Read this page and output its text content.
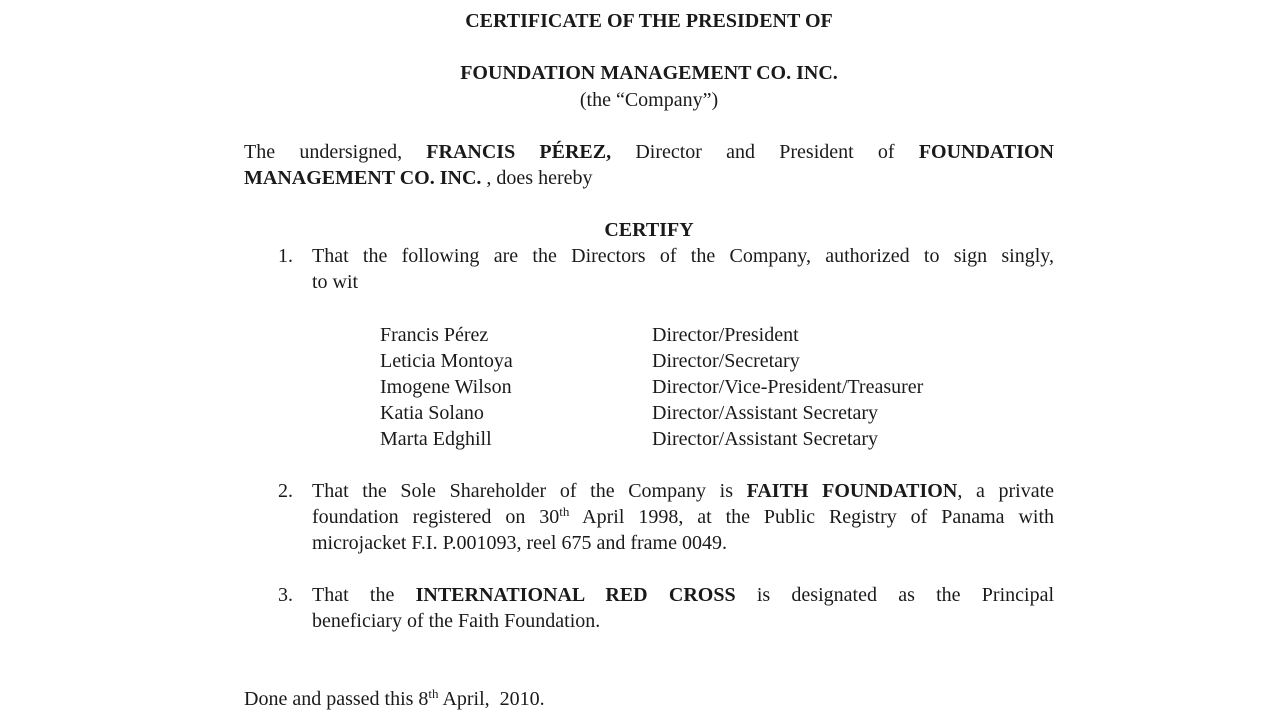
CERTIFICATE OF THE PRESIDENT OF
FOUNDATION MANAGEMENT CO. INC.
(the “Company”)
The undersigned, FRANCIS PÉREZ, Director and President of FOUNDATION
MANAGEMENT CO. INC. , does hereby
CERTIFY
1. That the following are the Directors of the Company, authorized to sign singly,
to wit
Francis Pérez	Director/President
Leticia Montoya	Director/Secretary
Imogene Wilson	Director/Vice-President/Treasurer
Katia Solano	Director/Assistant Secretary
Marta Edghill	Director/Assistant Secretary
2. That the Sole Shareholder of the Company is FAITH FOUNDATION, a private
foundation registered on 30th April 1998, at the Public Registry of Panama with
microjacket F.I. P.001093, reel 675 and frame 0049.
3. That the INTERNATIONAL RED CROSS is designated as the Principal
beneficiary of the Faith Foundation.
Done and passed this 8th April,  2010.
